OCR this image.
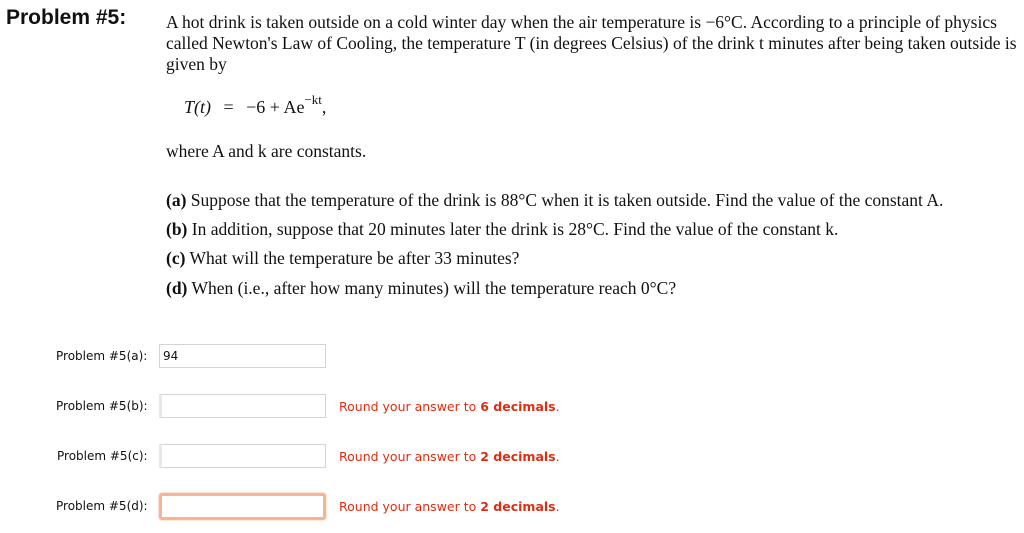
Problem #5: A hot drink is taken outside on a cold winter day when the air temperature is −6°C. According to a principle of physics called Newton's Law of Cooling, the temperature T (in degrees Celsius) of the drink t minutes after being taken outside is given by
$T(t) = -6 + Ae^{-kt}$,
where A and k are constants.
(a) Suppose that the temperature of the drink is 88°C when it is taken outside. Find the value of the constant A.
(b) In addition, suppose that 20 minutes later the drink is 28°C. Find the value of the constant k.
(c) What will the temperature be after 33 minutes?
(d) When (i.e., after how many minutes) will the temperature reach 0°C?
Problem #5(a):
94
Problem #5(b):	Round your answer to 6 decimals.
Problem #5(c):	Round your answer to 2 decimals.
Problem #5(d):	Round your answer to 2 decimals.
